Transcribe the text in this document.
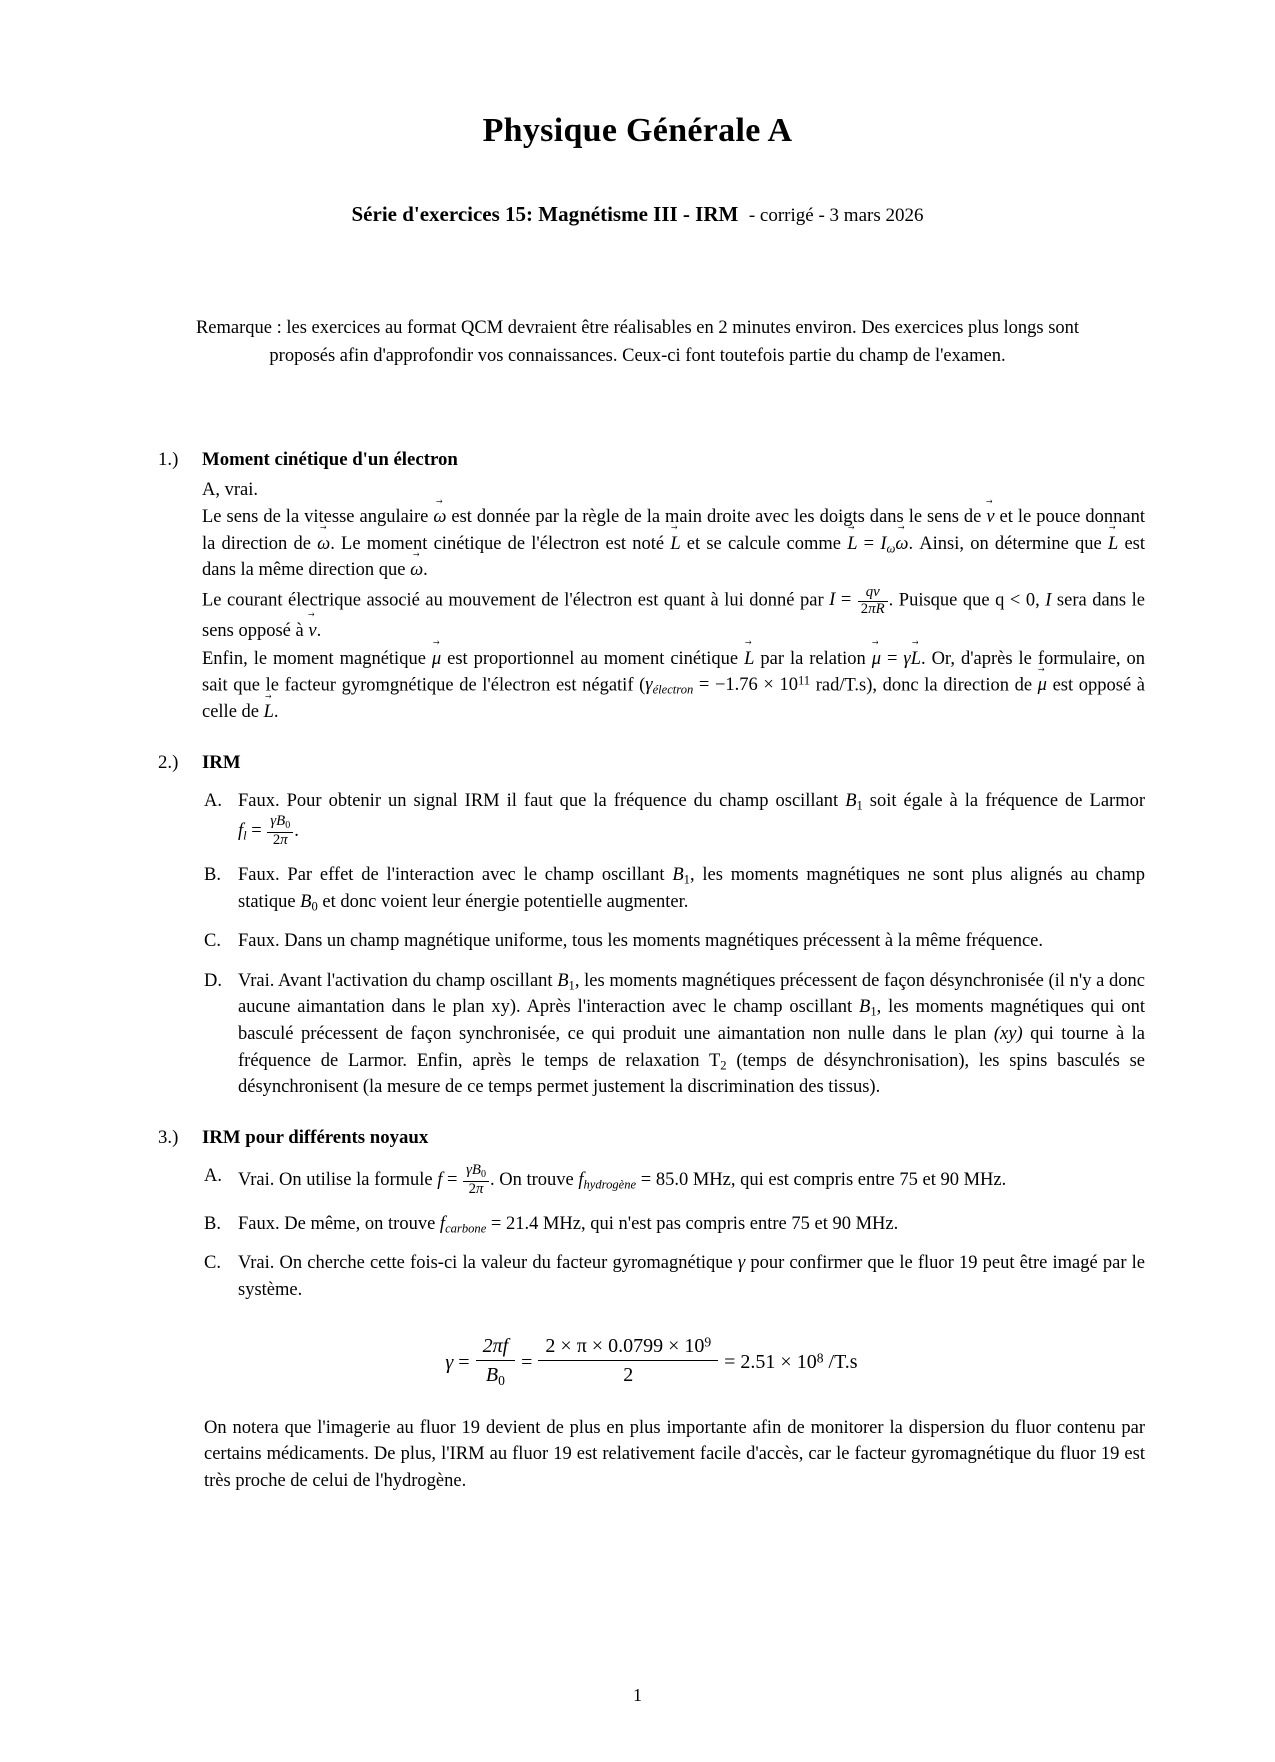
Physique Générale A
Série d'exercices 15: Magnétisme III - IRM - corrigé - 3 mars 2026
Remarque : les exercices au format QCM devraient être réalisables en 2 minutes environ. Des exercices plus longs sont proposés afin d'approfondir vos connaissances. Ceux-ci font toutefois partie du champ de l'examen.
1.) Moment cinétique d'un électron

A, vrai.

Le sens de la vitesse angulaire ω → est donnée par la règle de la main droite avec les doigts dans le sens de v → et le pouce donnant la direction de ω →. Le moment cinétique de l'électron est noté L → et se calcule comme L → = $I_\omega\omega$ →. Ainsi, on détermine que L → est dans la même direction que ω →.

Le courant électrique associé au mouvement de l'électron est quant à lui donné par $I = \frac{qv}{2\pi R}$ . Puisque que q < 0, I sera dans le sens opposé à v →.

Enfin, le moment magnétique μ → est proportionnel au moment cinétique L → par la relation μ → = γL →. Or, d'après le formulaire, on sait que le facteur gyromgnétique de l'électron est négatif ($\gamma_{électron} = -1.76 \times 10^{11}$ rad/T.s), donc la direction de μ → est opposé à celle de L →.

2.) IRM
A. Faux. Pour obtenir un signal IRM il faut que la fréquence du champ oscillant $B_1$ soit égale à la fréquence de Larmor $f_l = \frac{\gamma B_0}{2\pi}$ .
B. Faux. Par effet de l'interaction avec le champ oscillant $B_1$, les moments magnétiques ne sont plus alignés au champ statique $B_0$ et donc voient leur énergie potentielle augmenter.
C. Faux. Dans un champ magnétique uniforme, tous les moments magnétiques précessent à la même fréquence.
D. Vrai. Avant l'activation du champ oscillant $B_1$, les moments magnétiques précessent de façon désynchronisée (il n'y a donc aucune aimantation dans le plan xy). Après l'interaction avec le champ oscillant $B_1$, les moments magnétiques qui ont basculé précessent de façon synchronisée, ce qui produit une aimantation non nulle dans le plan (xy) qui tourne à la fréquence de Larmor. Enfin, après le temps de relaxation $T_2$ (temps de désynchronisation), les spins basculés se désynchronisent (la mesure de ce temps permet justement la discrimination des tissus).
3.) IRM pour différents noyaux
A. Vrai. On utilise la formule $f = \frac{\gamma B_0}{2\pi}$ . On trouve $f_{hydrogène} = 85.0$ MHz, qui est compris entre 75 et 90 MHz.
B. Faux. De même, on trouve $f_{carbone} = 21.4$ MHz, qui n'est pas compris entre 75 et 90 MHz.
C. Vrai. On cherche cette fois-ci la valeur du facteur gyromagnétique γ pour confirmer que le fluor 19 peut être imagé par le système.
$\gamma = \frac{2\pi f}{B_0} = \frac{2 \times \pi \times 0.0799 \times 10^9}{2} = 2.51 \times 10^8$ /T.s

On notera que l'imagerie au fluor 19 devient de plus en plus importante afin de monitorer la dispersion du fluor contenu par certains médicaments. De plus, l'IRM au fluor 19 est relativement facile d'accès, car le facteur gyromagnétique du fluor 19 est très proche de celui de l'hydrogène.

1
